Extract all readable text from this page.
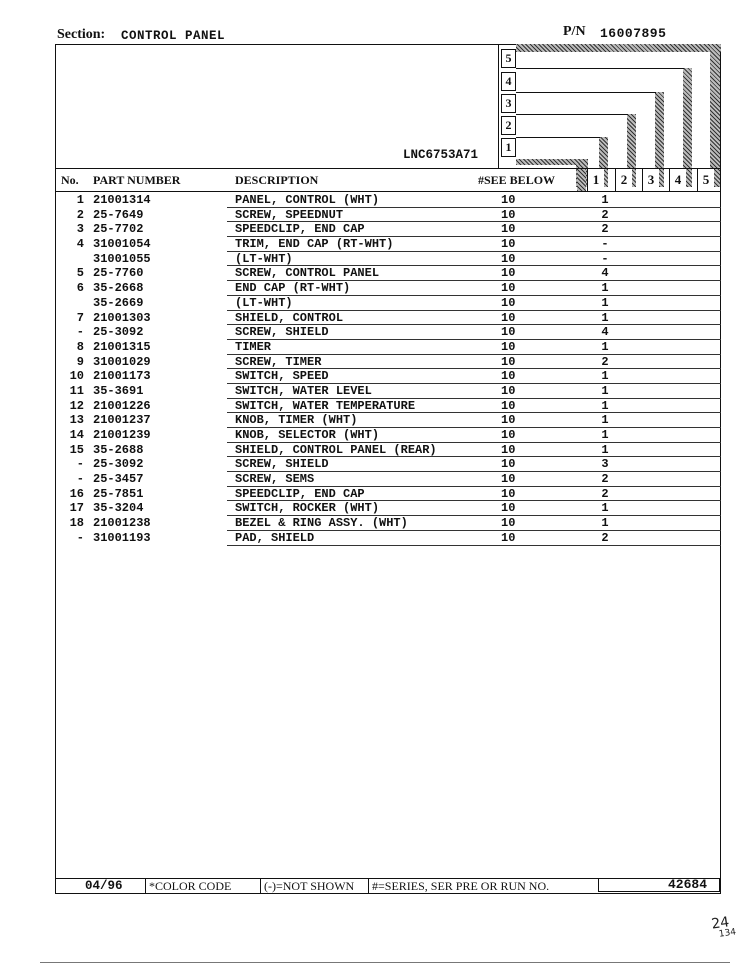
Section: CONTROL PANEL	P/N 16007895
5
4
3
2
1
LNC6753A71
No. PART NUMBER	DESCRIPTION	#SEE BELOW	1	2	3	4	5
1 21001314	PANEL, CONTROL (WHT)	10	1
2 25-7649	SCREW, SPEEDNUT	10	2
3 25-7702	SPEEDCLIP, END CAP	10	2
4 31001054	TRIM, END CAP (RT-WHT)	10	-
31001055	(LT-WHT)	10	-
5 25-7760	SCREW, CONTROL PANEL	10	4
6 35-2668	END CAP (RT-WHT)	10	1
35-2669	(LT-WHT)	10	1
7 21001303	SHIELD, CONTROL	10	1
- 25-3092	SCREW, SHIELD	10	4
8 21001315	TIMER	10	1
9 31001029	SCREW, TIMER	10	2
10 21001173	SWITCH, SPEED	10	1
11 35-3691	SWITCH, WATER LEVEL	10	1
12 21001226	SWITCH, WATER TEMPERATURE	10	1
13 21001237	KNOB, TIMER (WHT)	10	1
14 21001239	KNOB, SELECTOR (WHT)	10	1
15 35-2688	SHIELD, CONTROL PANEL (REAR)	10	1
- 25-3092	SCREW, SHIELD	10	3
- 25-3457	SCREW, SEMS	10	2
16 25-7851	SPEEDCLIP, END CAP	10	2
17 35-3204	SWITCH, ROCKER (WHT)	10	1
18 21001238	BEZEL & RING ASSY. (WHT)	10	1
- 31001193	PAD, SHIELD	10	2
04/96	*COLOR CODE	(-)=NOT SHOWN	#=SERIES, SER PRE OR RUN NO.	42684
24
134
